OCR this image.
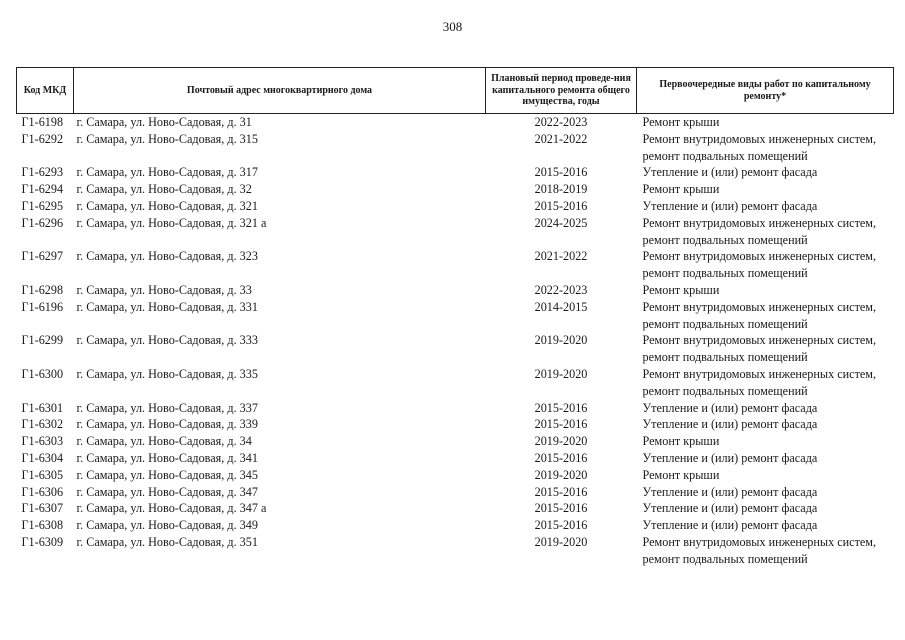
308
Код МКД	Почтовый адрес многоквартирного дома	Плановый период проведе-ния капитального ремонта общего имущества, годы	Первоочередные виды работ по капитальному ремонту*
Г1-6198	г. Самара, ул. Ново-Садовая, д. 31	2022-2023	Ремонт крыши

Г1-6292	г. Самара, ул. Ново-Садовая, д. 315	2021-2022	Ремонт внутридомовых инженерных систем,
ремонт подвальных помещений

Г1-6293	г. Самара, ул. Ново-Садовая, д. 317	2015-2016	Утепление и (или) ремонт фасада

Г1-6294	г. Самара, ул. Ново-Садовая, д. 32	2018-2019	Ремонт крыши

Г1-6295	г. Самара, ул. Ново-Садовая, д. 321	2015-2016	Утепление и (или) ремонт фасада

Г1-6296	г. Самара, ул. Ново-Садовая, д. 321 а	2024-2025	Ремонт внутридомовых инженерных систем,
ремонт подвальных помещений

Г1-6297	г. Самара, ул. Ново-Садовая, д. 323	2021-2022	Ремонт внутридомовых инженерных систем,
ремонт подвальных помещений

Г1-6298	г. Самара, ул. Ново-Садовая, д. 33	2022-2023	Ремонт крыши

Г1-6196	г. Самара, ул. Ново-Садовая, д. 331	2014-2015	Ремонт внутридомовых инженерных систем,
ремонт подвальных помещений

Г1-6299	г. Самара, ул. Ново-Садовая, д. 333	2019-2020	Ремонт внутридомовых инженерных систем,
ремонт подвальных помещений

Г1-6300	г. Самара, ул. Ново-Садовая, д. 335	2019-2020	Ремонт внутридомовых инженерных систем,
ремонт подвальных помещений

Г1-6301	г. Самара, ул. Ново-Садовая, д. 337	2015-2016	Утепление и (или) ремонт фасада

Г1-6302	г. Самара, ул. Ново-Садовая, д. 339	2015-2016	Утепление и (или) ремонт фасада

Г1-6303	г. Самара, ул. Ново-Садовая, д. 34	2019-2020	Ремонт крыши

Г1-6304	г. Самара, ул. Ново-Садовая, д. 341	2015-2016	Утепление и (или) ремонт фасада

Г1-6305	г. Самара, ул. Ново-Садовая, д. 345	2019-2020	Ремонт крыши

Г1-6306	г. Самара, ул. Ново-Садовая, д. 347	2015-2016	Утепление и (или) ремонт фасада

Г1-6307	г. Самара, ул. Ново-Садовая, д. 347 а	2015-2016	Утепление и (или) ремонт фасада

Г1-6308	г. Самара, ул. Ново-Садовая, д. 349	2015-2016	Утепление и (или) ремонт фасада

Г1-6309	г. Самара, ул. Ново-Садовая, д. 351	2019-2020	Ремонт внутридомовых инженерных систем,
ремонт подвальных помещений
